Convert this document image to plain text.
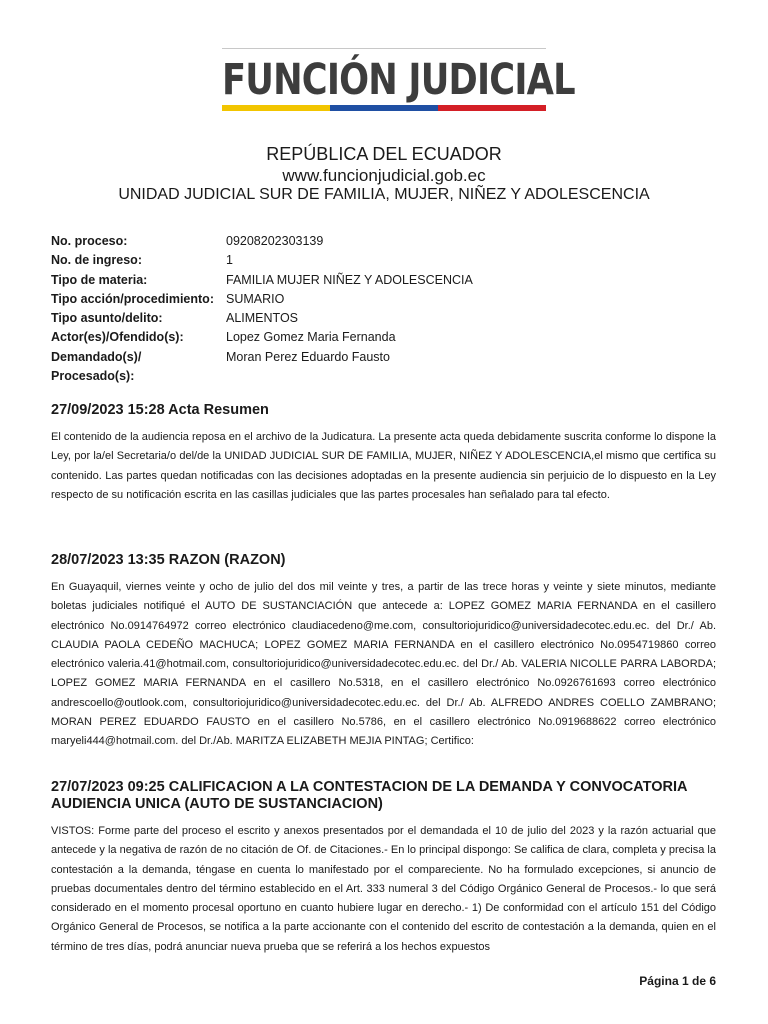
FUNCIÓN JUDICIAL
REPÚBLICA DEL ECUADOR
www.funcionjudicial.gob.ec
UNIDAD JUDICIAL SUR DE FAMILIA, MUJER, NIÑEZ Y ADOLESCENCIA
No. proceso:	09208202303139
No. de ingreso:	1
Tipo de materia:	FAMILIA MUJER NIÑEZ Y ADOLESCENCIA
Tipo acción/procedimiento: SUMARIO
Tipo asunto/delito:	ALIMENTOS
Actor(es)/Ofendido(s):	Lopez Gomez Maria Fernanda
Demandado(s)/ Procesado(s):
Moran Perez Eduardo Fausto
27/09/2023 15:28 Acta Resumen
El contenido de la audiencia reposa en el archivo de la Judicatura. La presente acta queda debidamente suscrita conforme lo dispone la Ley, por la/el Secretaria/o del/de la UNIDAD JUDICIAL SUR DE FAMILIA, MUJER, NIÑEZ Y ADOLESCENCIA,el mismo que certifica su contenido. Las partes quedan notificadas con las decisiones adoptadas en la presente audiencia sin perjuicio de lo dispuesto en la Ley respecto de su notificación escrita en las casillas judiciales que las partes procesales han señalado para tal efecto.
28/07/2023 13:35 RAZON (RAZON)
En Guayaquil, viernes veinte y ocho de julio del dos mil veinte y tres, a partir de las trece horas y veinte y siete minutos, mediante boletas judiciales notifiqué el AUTO DE SUSTANCIACIÓN que antecede a: LOPEZ GOMEZ MARIA FERNANDA en el casillero electrónico No.0914764972 correo electrónico claudiacedeno@me.com, consultoriojuridico@universidadecotec.edu.ec. del Dr./ Ab. CLAUDIA PAOLA CEDEÑO MACHUCA; LOPEZ GOMEZ MARIA FERNANDA en el casillero electrónico No.0954719860 correo electrónico valeria.41@hotmail.com, consultoriojuridico@universidadecotec.edu.ec. del Dr./ Ab. VALERIA NICOLLE PARRA LABORDA; LOPEZ GOMEZ MARIA FERNANDA en el casillero No.5318, en el casillero electrónico No.0926761693 correo electrónico andrescoello@outlook.com, consultoriojuridico@universidadecotec.edu.ec. del Dr./ Ab. ALFREDO ANDRES COELLO ZAMBRANO; MORAN PEREZ EDUARDO FAUSTO en el casillero No.5786, en el casillero electrónico No.0919688622 correo electrónico maryeli444@hotmail.com. del Dr./Ab. MARITZA ELIZABETH MEJIA PINTAG; Certifico:
27/07/2023 09:25 CALIFICACION A LA CONTESTACION DE LA DEMANDA Y CONVOCATORIA AUDIENCIA UNICA (AUTO DE SUSTANCIACION)
VISTOS: Forme parte del proceso el escrito y anexos presentados por el demandada el 10 de julio del 2023 y la razón actuarial que antecede y la negativa de razón de no citación de Of. de Citaciones.- En lo principal dispongo: Se califica de clara, completa y precisa la contestación a la demanda, téngase en cuenta lo manifestado por el compareciente. No ha formulado excepciones, si anuncio de pruebas documentales dentro del término establecido en el Art. 333 numeral 3 del Código Orgánico General de Procesos.- lo que será considerado en el momento procesal oportuno en cuanto hubiere lugar en derecho.- 1) De conformidad con el artículo 151 del Código Orgánico General de Procesos, se notifica a la parte accionante con el contenido del escrito de contestación a la demanda, quien en el término de tres días, podrá anunciar nueva prueba que se referirá a los hechos expuestos
Página 1 de 6
